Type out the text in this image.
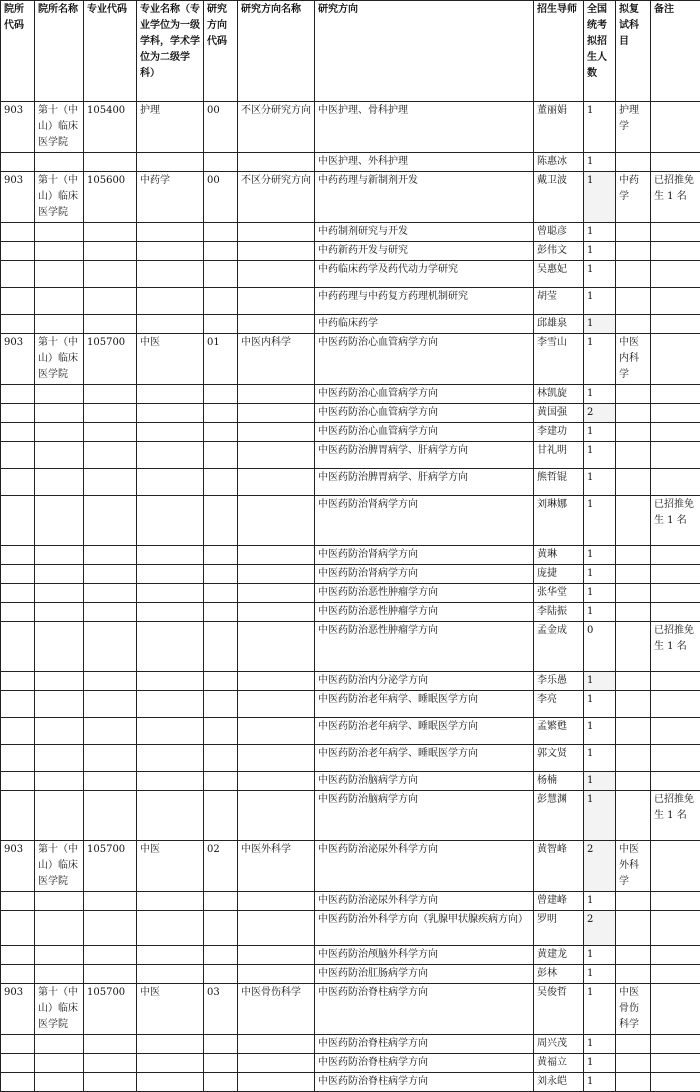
院所代码	院所名称	专业代码	专业名称（专业学位为一级学科，学术学位为二级学科）	研究方向代码	研究方向名称	研究方向	招生导师	全国统考拟招生人数	拟复试科目	备注
903	第十（中山）临床医学院	105400	护理	00	不区分研究方向	中医护理、骨科护理	董丽娟	1	护理学	
						中医护理、外科护理	陈惠冰	1		
903	第十（中山）临床医学院	105600	中药学	00	不区分研究方向	中药药理与新制剂开发	戴卫波	1	中药学	已招推免生 1 名
						中药制剂研究与开发	曾聪彦	1		
						中药新药开发与研究	彭伟文	1		
						中药临床药学及药代动力学研究	吴惠妃	1		
						中药药理与中药复方药理机制研究	胡莹	1		
						中药临床药学	邱雄泉	1		
903	第十（中山）临床医学院	105700	中医	01	中医内科学	中医药防治心血管病学方向	李雪山	1	中医内科学	
						中医药防治心血管病学方向	林凯旋	1		
						中医药防治心血管病学方向	黄国强	2		
						中医药防治心血管病学方向	李建功	1		
						中医药防治脾胃病学、肝病学方向	甘礼明	1		
						中医药防治脾胃病学、肝病学方向	熊哲锟	1		
						中医药防治肾病学方向	刘琳娜	1		已招推免生 1 名
						中医药防治肾病学方向	黄琳	1		
						中医药防治肾病学方向	庞捷	1		
						中医药防治恶性肿瘤学方向	张华堂	1		
						中医药防治恶性肿瘤学方向	李陆振	1		
						中医药防治恶性肿瘤学方向	孟金成	0		已招推免生 1 名
						中医药防治内分泌学方向	李乐愚	1		
						中医药防治老年病学、睡眠医学方向	李亮	1		
						中医药防治老年病学、睡眠医学方向	孟繁甦	1		
						中医药防治老年病学、睡眠医学方向	郭文贤	1		
						中医药防治脑病学方向	杨楠	1		
						中医药防治脑病学方向	彭慧渊	1		已招推免生 1 名
903	第十（中山）临床医学院	105700	中医	02	中医外科学	中医药防治泌尿外科学方向	黄智峰	2	中医外科学	
						中医药防治泌尿外科学方向	曾建峰	1		
						中医药防治外科学方向（乳腺甲状腺疾病方向）	罗明	2		
						中医药防治颅脑外科学方向	黄建龙	1		
						中医药防治肛肠病学方向	彭林	1		
903	第十（中山）临床医学院	105700	中医	03	中医骨伤科学	中医药防治脊柱病学方向	吴俊哲	1	中医骨伤科学	
						中医药防治脊柱病学方向	周兴茂	1		
						中医药防治脊柱病学方向	黄福立	1		
						中医药防治脊柱病学方向	刘永皑	1		
